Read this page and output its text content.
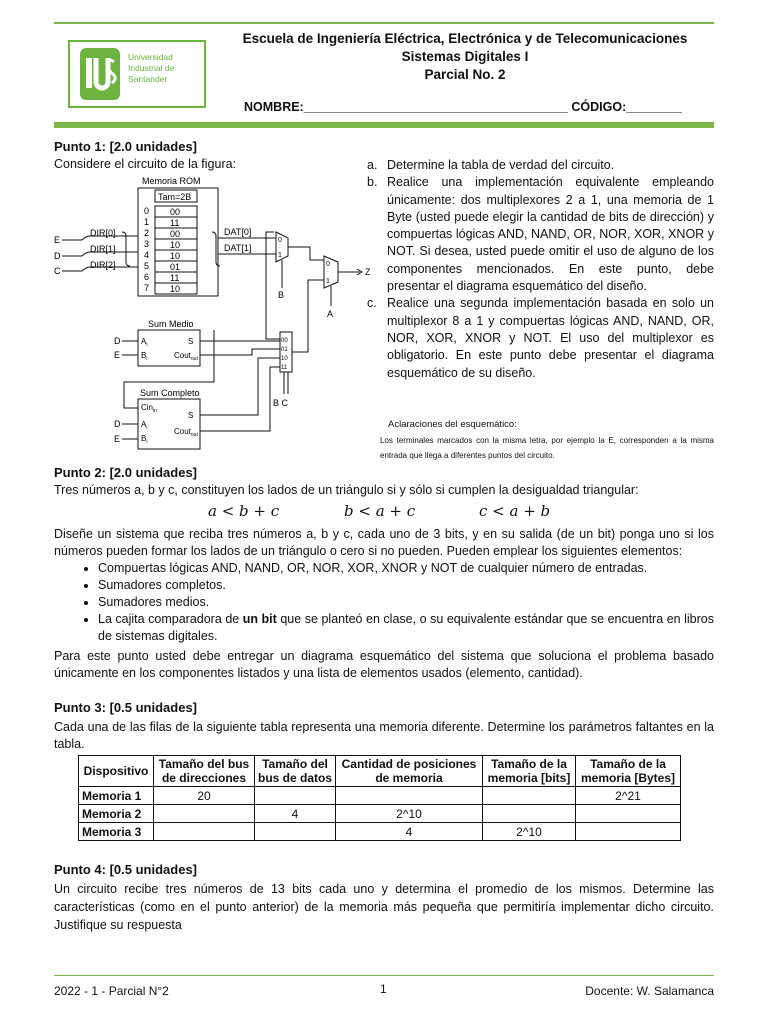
Universidad
Industrial de
Santander
Escuela de Ingeniería Eléctrica, Electrónica y de Telecomunicaciones
Sistemas Digitales I
Parcial No. 2
NOMBRE:______________________________________ CÓDIGO:________
Punto 1: [2.0 unidades]
Considere el circuito de la figura:	a. Determine la tabla de verdad del circuito.
b. Realice una implementación equivalente empleando únicamente: dos multiplexores 2 a 1, una memoria de 1 Byte (usted puede elegir la cantidad de bits de dirección) y compuertas lógicas AND, NAND, OR, NOR, XOR, XNOR y NOT. Si desea, usted puede omitir el uso de alguno de los componentes mencionados. En este punto, debe presentar el diagrama esquemático del diseño.
c. Realice una segunda implementación basada en solo un multiplexor 8 a 1 y compuertas lógicas AND, NAND, OR, NOR, XOR, XNOR y NOT. El uso del multiplexor es obligatorio. En este punto debe presentar el diagrama esquemático de su diseño.
Aclaraciones del esquemático:
Los terminales marcados con la misma letra, por ejemplo la E, corresponden a la misma entrada que llega a diferentes puntos del circuito.
Memoria ROM
Tam=2B
0 00
1 11
2 00
3 10
4 10
5 01
6 11
7 10
DIR[0]
DIR[1]
DIR[2]
E
D
C
DAT[0]
DAT[1]
0
1
B
0
1
Z
A
Sum Medio
$A_i$
$B_i$
S
Cout$_{out}$
D
E
00
01
10
11
B C
Sum Completo
Cin$_{in}$
$A_i$
$B_i$
S
Cout$_{out}$
D
E
Punto 2: [2.0 unidades]
Tres números a, b y c, constituyen los lados de un triángulo si y sólo si cumplen la desigualdad triangular:
a < b + c	b < a + c	c < a + b
Diseñe un sistema que reciba tres números a, b y c, cada uno de 3 bits, y en su salida (de un bit) ponga uno si los números pueden formar los lados de un triángulo o cero si no pueden. Pueden emplear los siguientes elementos:
• Compuertas lógicas AND, NAND, OR, NOR, XOR, XNOR y NOT de cualquier número de entradas.
• Sumadores completos.
• Sumadores medios.
• La cajita comparadora de un bit que se planteó en clase, o su equivalente estándar que se encuentra en libros de sistemas digitales.
Para este punto usted debe entregar un diagrama esquemático del sistema que soluciona el problema basado únicamente en los componentes listados y una lista de elementos usados (elemento, cantidad).
Punto 3: [0.5 unidades]
Cada una de las filas de la siguiente tabla representa una memoria diferente. Determine los parámetros faltantes en la tabla.
Dispositivo	Tamaño del bus de direcciones	Tamaño del bus de datos	Cantidad de posiciones de memoria	Tamaño de la memoria [bits]	Tamaño de la memoria [Bytes]
Memoria 1	20				2^21
Memoria 2		4	2^10		
Memoria 3			4	2^10	
Punto 4: [0.5 unidades]
Un circuito recibe tres números de 13 bits cada uno y determina el promedio de los mismos. Determine las características (como en el punto anterior) de la memoria más pequeña que permitiría implementar dicho circuito. Justifique su respuesta
2022 - 1 - Parcial N°2	1	Docente: W. Salamanca
